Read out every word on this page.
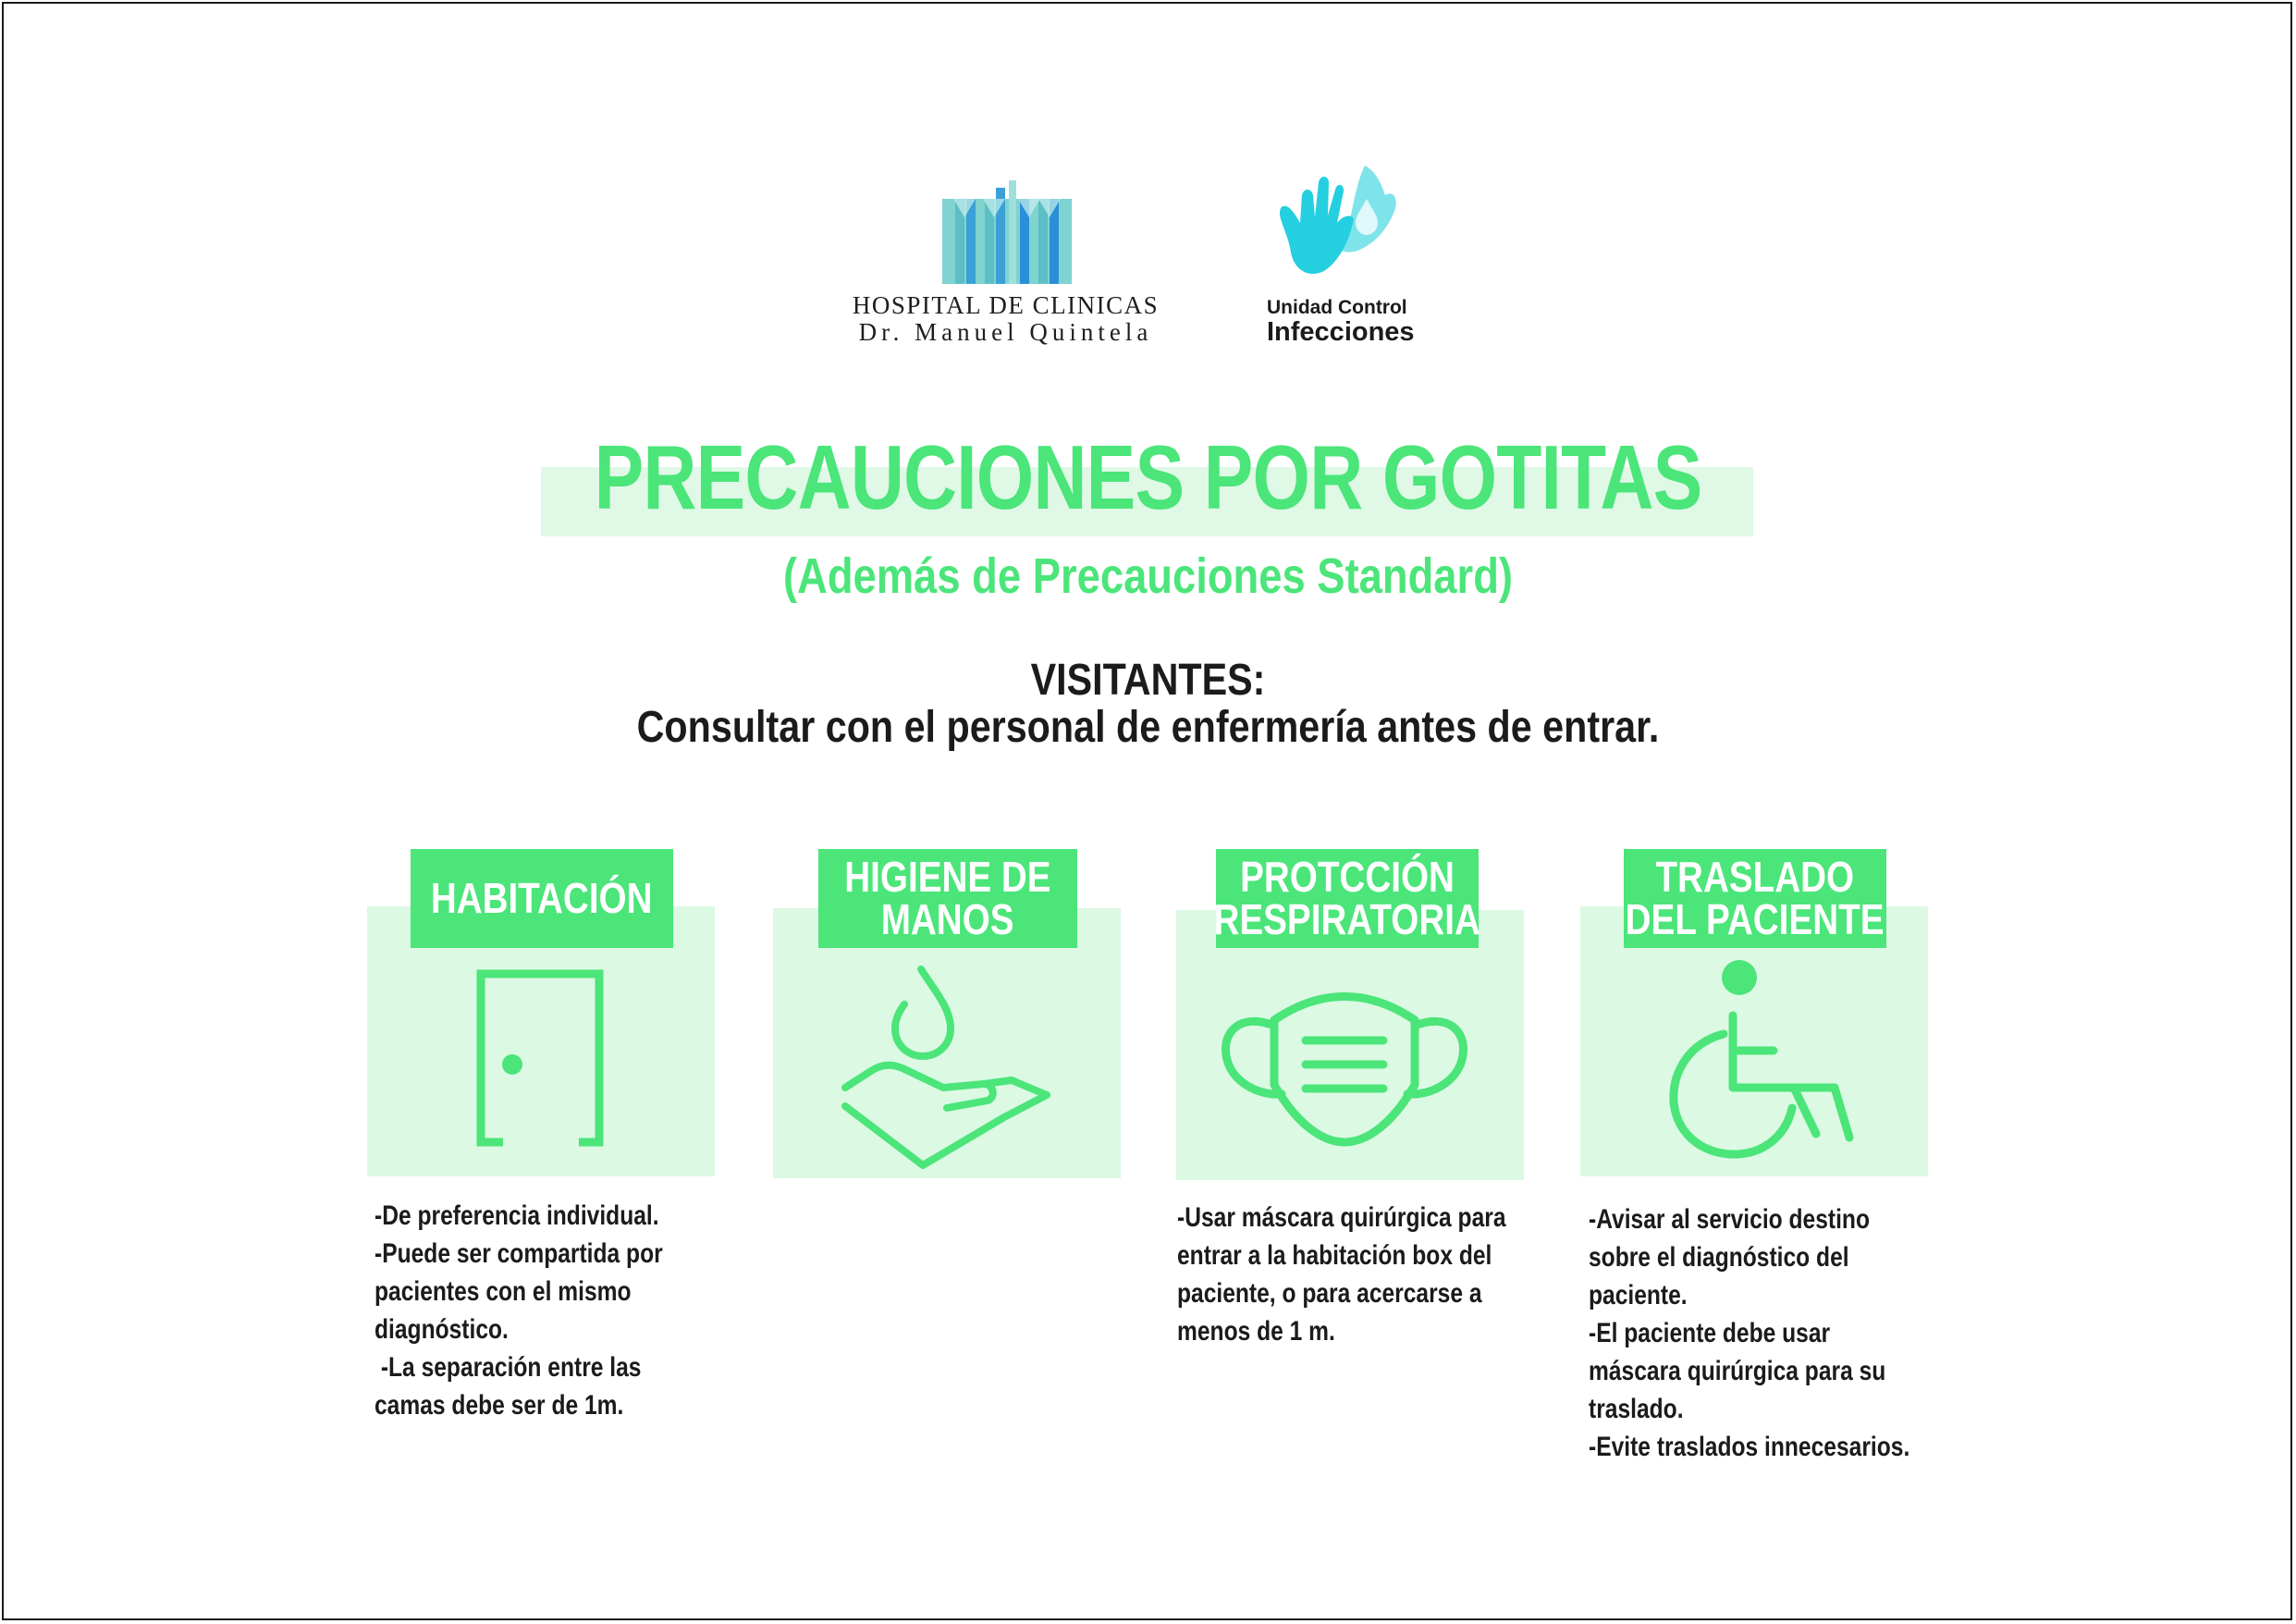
HOSPITAL DE CLINICAS
Dr. Manuel Quintela
Unidad Control
Infecciones
PRECAUCIONES POR GOTITAS
(Además de Precauciones Standard)
VISITANTES:
Consultar con el personal de enfermería antes de entrar.
HABITACIÓN
-De preferencia individual.
-Puede ser compartida por
pacientes con el mismo
diagnóstico.
-La separación entre las
camas debe ser de 1m.
HIGIENE DE
MANOS
PROTCCIÓN
RESPIRATORIA
-Usar máscara quirúrgica para
entrar a la habitación box del
paciente, o para acercarse a
menos de 1 m.
TRASLADO
DEL PACIENTE
-Avisar al servicio destino
sobre el diagnóstico del
paciente.
-El paciente debe usar
máscara quirúrgica para su
traslado.
-Evite traslados innecesarios.
